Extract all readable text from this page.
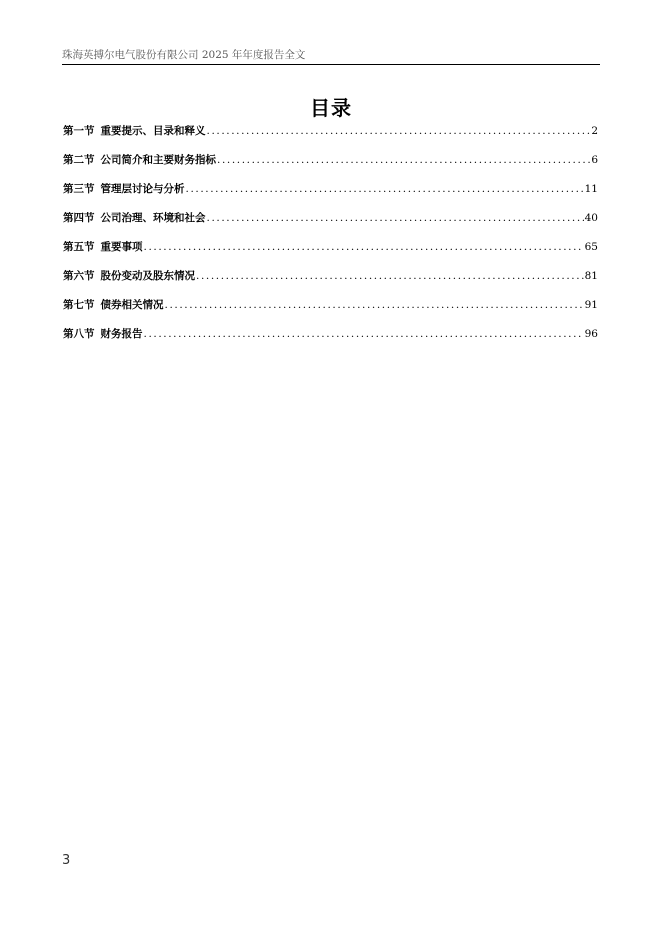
珠海英搏尔电气股份有限公司 2025 年年度报告全文
目录
第一节 重要提示、目录和释义 .....	2
第二节 公司简介和主要财务指标 .....	6
第三节 管理层讨论与分析 .....	11
第四节 公司治理、环境和社会 .....	40
第五节 重要事项 .....	65
第六节 股份变动及股东情况 .....	81
第七节 债券相关情况 .....	91
第八节 财务报告 .....	96
3
